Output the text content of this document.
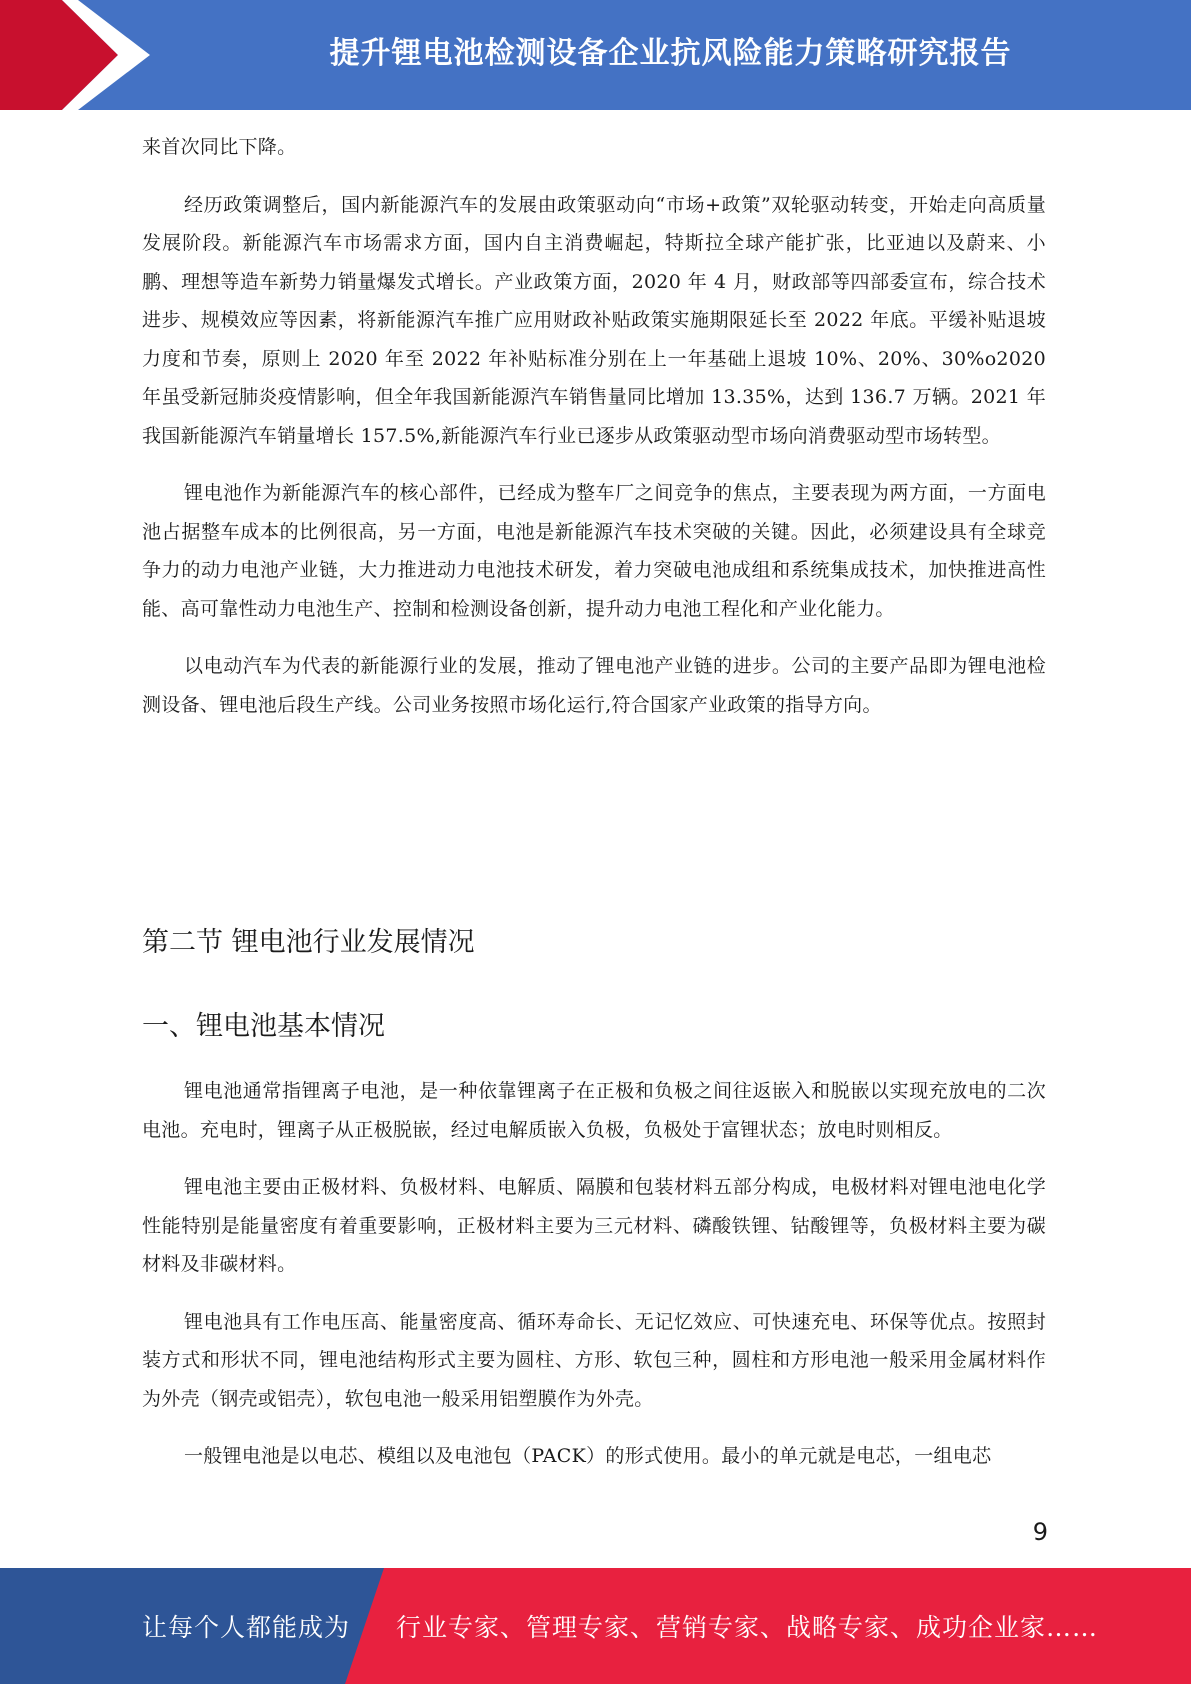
提升锂电池检测设备企业抗风险能力策略研究报告

来首次同比下降。

经历政策调整后，国内新能源汽车的发展由政策驱动向“市场+政策”双轮驱动转变，开始走向高质量发展阶段。新能源汽车市场需求方面，国内自主消费崛起，特斯拉全球产能扩张，比亚迪以及蔚来、小鹏、理想等造车新势力销量爆发式增长。产业政策方面，2020 年 4 月，财政部等四部委宣布，综合技术进步、规模效应等因素，将新能源汽车推广应用财政补贴政策实施期限延长至 2022 年底。平缓补贴退坡力度和节奏，原则上 2020 年至 2022 年补贴标准分别在上一年基础上退坡 10%、20%、30%o2020 年虽受新冠肺炎疫情影响，但全年我国新能源汽车销售量同比增加 13.35%，达到 136.7 万辆。2021 年我国新能源汽车销量增长 157.5%,新能源汽车行业已逐步从政策驱动型市场向消费驱动型市场转型。

锂电池作为新能源汽车的核心部件，已经成为整车厂之间竞争的焦点，主要表现为两方面，一方面电池占据整车成本的比例很高，另一方面，电池是新能源汽车技术突破的关键。因此，必须建设具有全球竞争力的动力电池产业链，大力推进动力电池技术研发，着力突破电池成组和系统集成技术，加快推进高性能、高可靠性动力电池生产、控制和检测设备创新，提升动力电池工程化和产业化能力。

以电动汽车为代表的新能源行业的发展，推动了锂电池产业链的进步。公司的主要产品即为锂电池检测设备、锂电池后段生产线。公司业务按照市场化运行,符合国家产业政策的指导方向。

第二节 锂电池行业发展情况
一、锂电池基本情况

锂电池通常指锂离子电池，是一种依靠锂离子在正极和负极之间往返嵌入和脱嵌以实现充放电的二次电池。充电时，锂离子从正极脱嵌，经过电解质嵌入负极，负极处于富锂状态；放电时则相反。

锂电池主要由正极材料、负极材料、电解质、隔膜和包装材料五部分构成，电极材料对锂电池电化学性能特别是能量密度有着重要影响，正极材料主要为三元材料、磷酸铁锂、钴酸锂等，负极材料主要为碳材料及非碳材料。

锂电池具有工作电压高、能量密度高、循环寿命长、无记忆效应、可快速充电、环保等优点。按照封装方式和形状不同，锂电池结构形式主要为圆柱、方形、软包三种，圆柱和方形电池一般采用金属材料作为外壳（钢壳或铝壳），软包电池一般采用铝塑膜作为外壳。

一般锂电池是以电芯、模组以及电池包（PACK）的形式使用。最小的单元就是电芯，一组电芯

9
让每个人都能成为 行业专家、管理专家、营销专家、战略专家、成功企业家……
